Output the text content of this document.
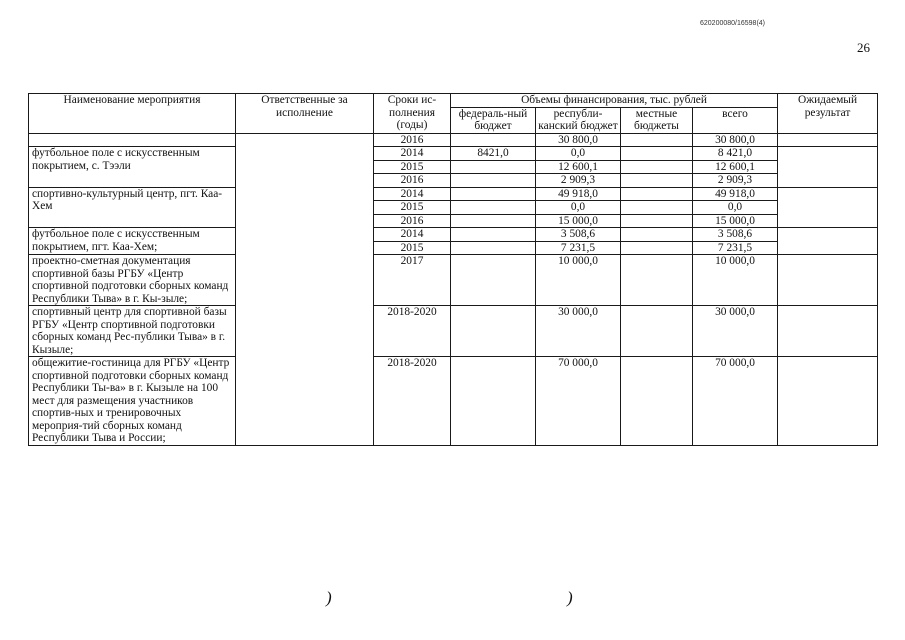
620200080/16598(4)
26
Наименование мероприятия	Ответственные за исполнение	Сроки ис-полнения (годы)	Объемы финансирования, тыс. рублей				Ожидаемый результат
			федераль-ный бюджет	республи-канский бюджет	местные бюджеты	всего	
		2016		30 800,0		30 800,0	
футбольное поле с искусственным покрытием, с. Тээли		2014	8421,0	0,0		8 421,0	
		2015		12 600,1		12 600,1	
		2016		2 909,3		2 909,3	
спортивно-культурный центр, пгт. Каа-Хем		2014		49 918,0		49 918,0	
		2015		0,0		0,0	
		2016		15 000,0		15 000,0	
футбольное поле с искусственным покрытием, пгт. Каа-Хем;		2014		3 508,6		3 508,6	
		2015		7 231,5		7 231,5	
проектно-сметная документация спортивной базы РГБУ «Центр спортивной подготовки сборных команд Республики Тыва» в г. Кы-зыле;		2017		10 000,0		10 000,0	
спортивный центр для спортивной базы РГБУ «Центр спортивной подготовки сборных команд Рес-публики Тыва» в г. Кызыле;		2018-2020		30 000,0		30 000,0	
общежитие-гостиница для РГБУ «Центр спортивной подготовки сборных команд Республики Ты-ва» в г. Кызыле на 100 мест для размещения участников спортив-ных и тренировочных мероприя-тий сборных команд Республики Тыва и России;		2018-2020		70 000,0		70 000,0	
)	)
